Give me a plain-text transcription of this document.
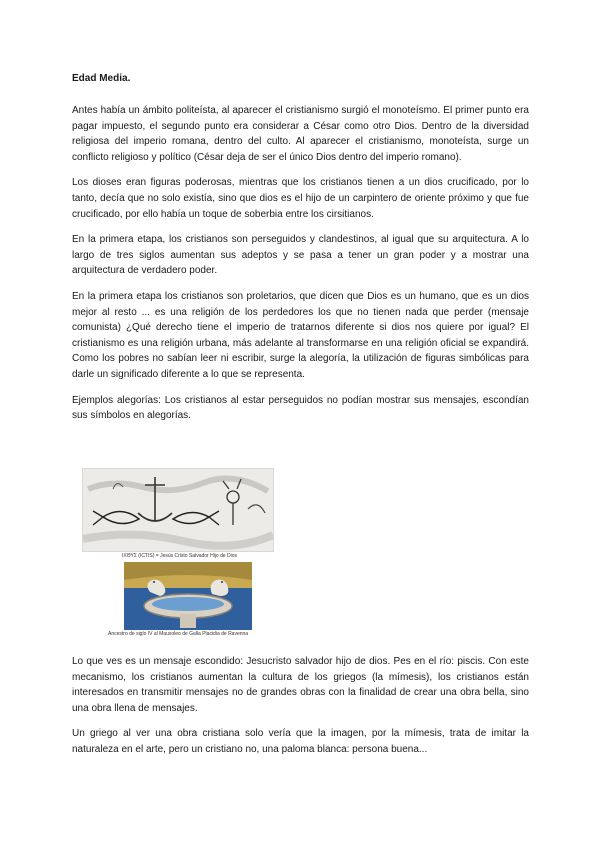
Edad Media.

Antes había un ámbito politeísta, al aparecer el cristianismo surgió el monoteísmo. El primer punto era pagar impuesto, el segundo punto era considerar a César como otro Dios. Dentro de la diversidad religiosa del imperio romana, dentro del culto. Al aparecer el cristianismo, monoteísta, surge un conflicto religioso y político (César deja de ser el único Dios dentro del imperio romano).

Los dioses eran figuras poderosas, mientras que los cristianos tienen a un dios crucificado, por lo tanto, decía que no solo existía, sino que dios es el hijo de un carpintero de oriente próximo y que fue crucificado, por ello había un toque de soberbia entre los cirsitianos.

En la primera etapa, los cristianos son perseguidos y clandestinos, al igual que su arquitectura. A lo largo de tres siglos aumentan sus adeptos y se pasa a tener un gran poder y a mostrar una arquitectura de verdadero poder.

En la primera etapa los cristianos son proletarios, que dicen que Dios es un humano, que es un dios mejor al resto ... es una religión de los perdedores los que no tienen nada que perder (mensaje comunista) ¿Qué derecho tiene el imperio de tratarnos diferente si dios nos quiere por igual? El cristianismo es una religión urbana, más adelante al transformarse en una religión oficial se expandirá. Como los pobres no sabían leer ni escribir, surge la alegoría, la utilización de figuras simbólicas para darle un significado diferente a lo que se representa.

Ejemplos alegorías: Los cristianos al estar perseguidos no podían mostrar sus mensajes, escondían sus símbolos en alegorías.

ΙΧΘΥΣ (ICTIS) = Jesús Cristo Salvador Hijo de Dios
Ancestro de siglo IV al Mausoleo de Galla Placidia de Ravenna

Lo que ves es un mensaje escondido: Jesucristo salvador hijo de dios. Pes en el río: piscis. Con este mecanismo, los cristianos aumentan la cultura de los griegos (la mímesis), los cristianos están interesados en transmitir mensajes no de grandes obras con la finalidad de crear una obra bella, sino una obra llena de mensajes.

Un griego al ver una obra cristiana solo vería que la imagen, por la mímesis, trata de imitar la naturaleza en el arte, pero un cristiano no, una paloma blanca: persona buena...
